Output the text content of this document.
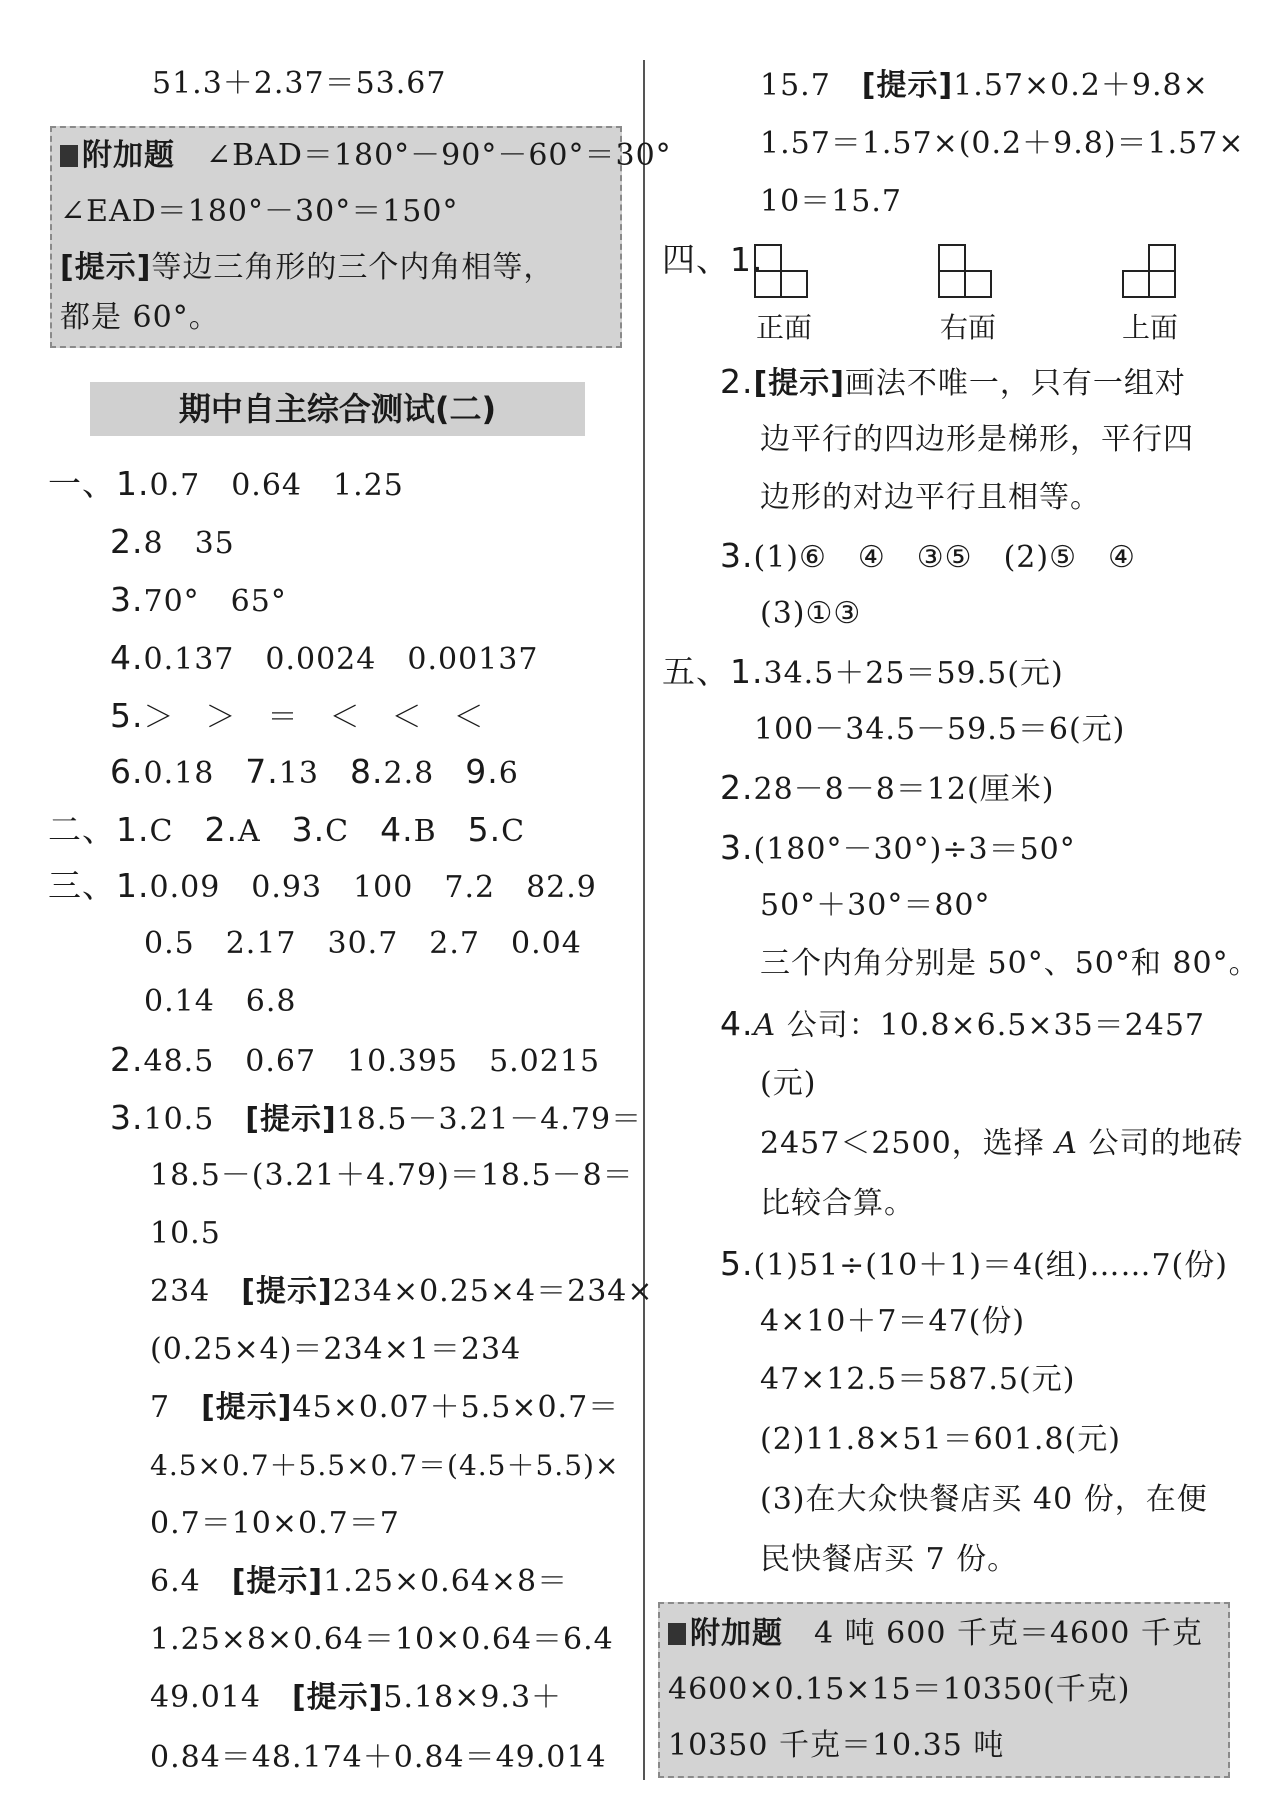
51.3＋2.37＝53.67
附加题　 ∠BAD＝180°－90°－60°＝30°
∠EAD＝180°－30°＝150°
[提示]等边三角形的三个内角相等，
都是 60°。
期中自主综合测试(二)
一、1.0.7　0.64　1.25
2.8　35
3.70°　65°
4.0.137　0.0024　0.00137
5.＞　＞　＝　＜　＜　＜
6.0.18　 7.13　 8.2.8　 9.6
二、1.C　 2.A　 3.C　 4.B　 5.C
三、1.0.09　0.93　100　7.2　82.9
0.5　2.17　30.7　2.7　0.04
0.14　6.8
2.48.5　0.67　10.395　5.0215
3.10.5　[提示]18.5－3.21－4.79＝
18.5－(3.21＋4.79)＝18.5－8＝
10.5
234　[提示]234×0.25×4＝234×
(0.25×4)＝234×1＝234
7　[提示]45×0.07＋5.5×0.7＝
4.5×0.7＋5.5×0.7＝(4.5＋5.5)×
0.7＝10×0.7＝7
6.4　[提示]1.25×0.64×8＝
1.25×8×0.64＝10×0.64＝6.4
49.014　[提示]5.18×9.3＋
0.84＝48.174＋0.84＝49.014
15.7　[提示]1.57×0.2＋9.8×
1.57＝1.57×(0.2＋9.8)＝1.57×
10＝15.7
四、1.
正面	右面	上面
2.[提示]画法不唯一，只有一组对
边平行的四边形是梯形，平行四
边形的对边平行且相等。
3.(1)⑥　④　③⑤　(2)⑤　④
(3)①③
五、1.34.5＋25＝59.5(元)
100－34.5－59.5＝6(元)
2.28－8－8＝12(厘米)
3.(180°－30°)÷3＝50°
50°＋30°＝80°
三个内角分别是 50°、50°和 80°。
4.A 公司：10.8×6.5×35＝2457
(元)
2457＜2500，选择 A 公司的地砖
比较合算。
5.(1)51÷(10＋1)＝4(组)……7(份)
4×10＋7＝47(份)
47×12.5＝587.5(元)
(2)11.8×51＝601.8(元)
(3)在大众快餐店买 40 份，在便
民快餐店买 7 份。
附加题　 4 吨 600 千克＝4600 千克
4600×0.15×15＝10350(千克)
10350 千克＝10.35 吨
